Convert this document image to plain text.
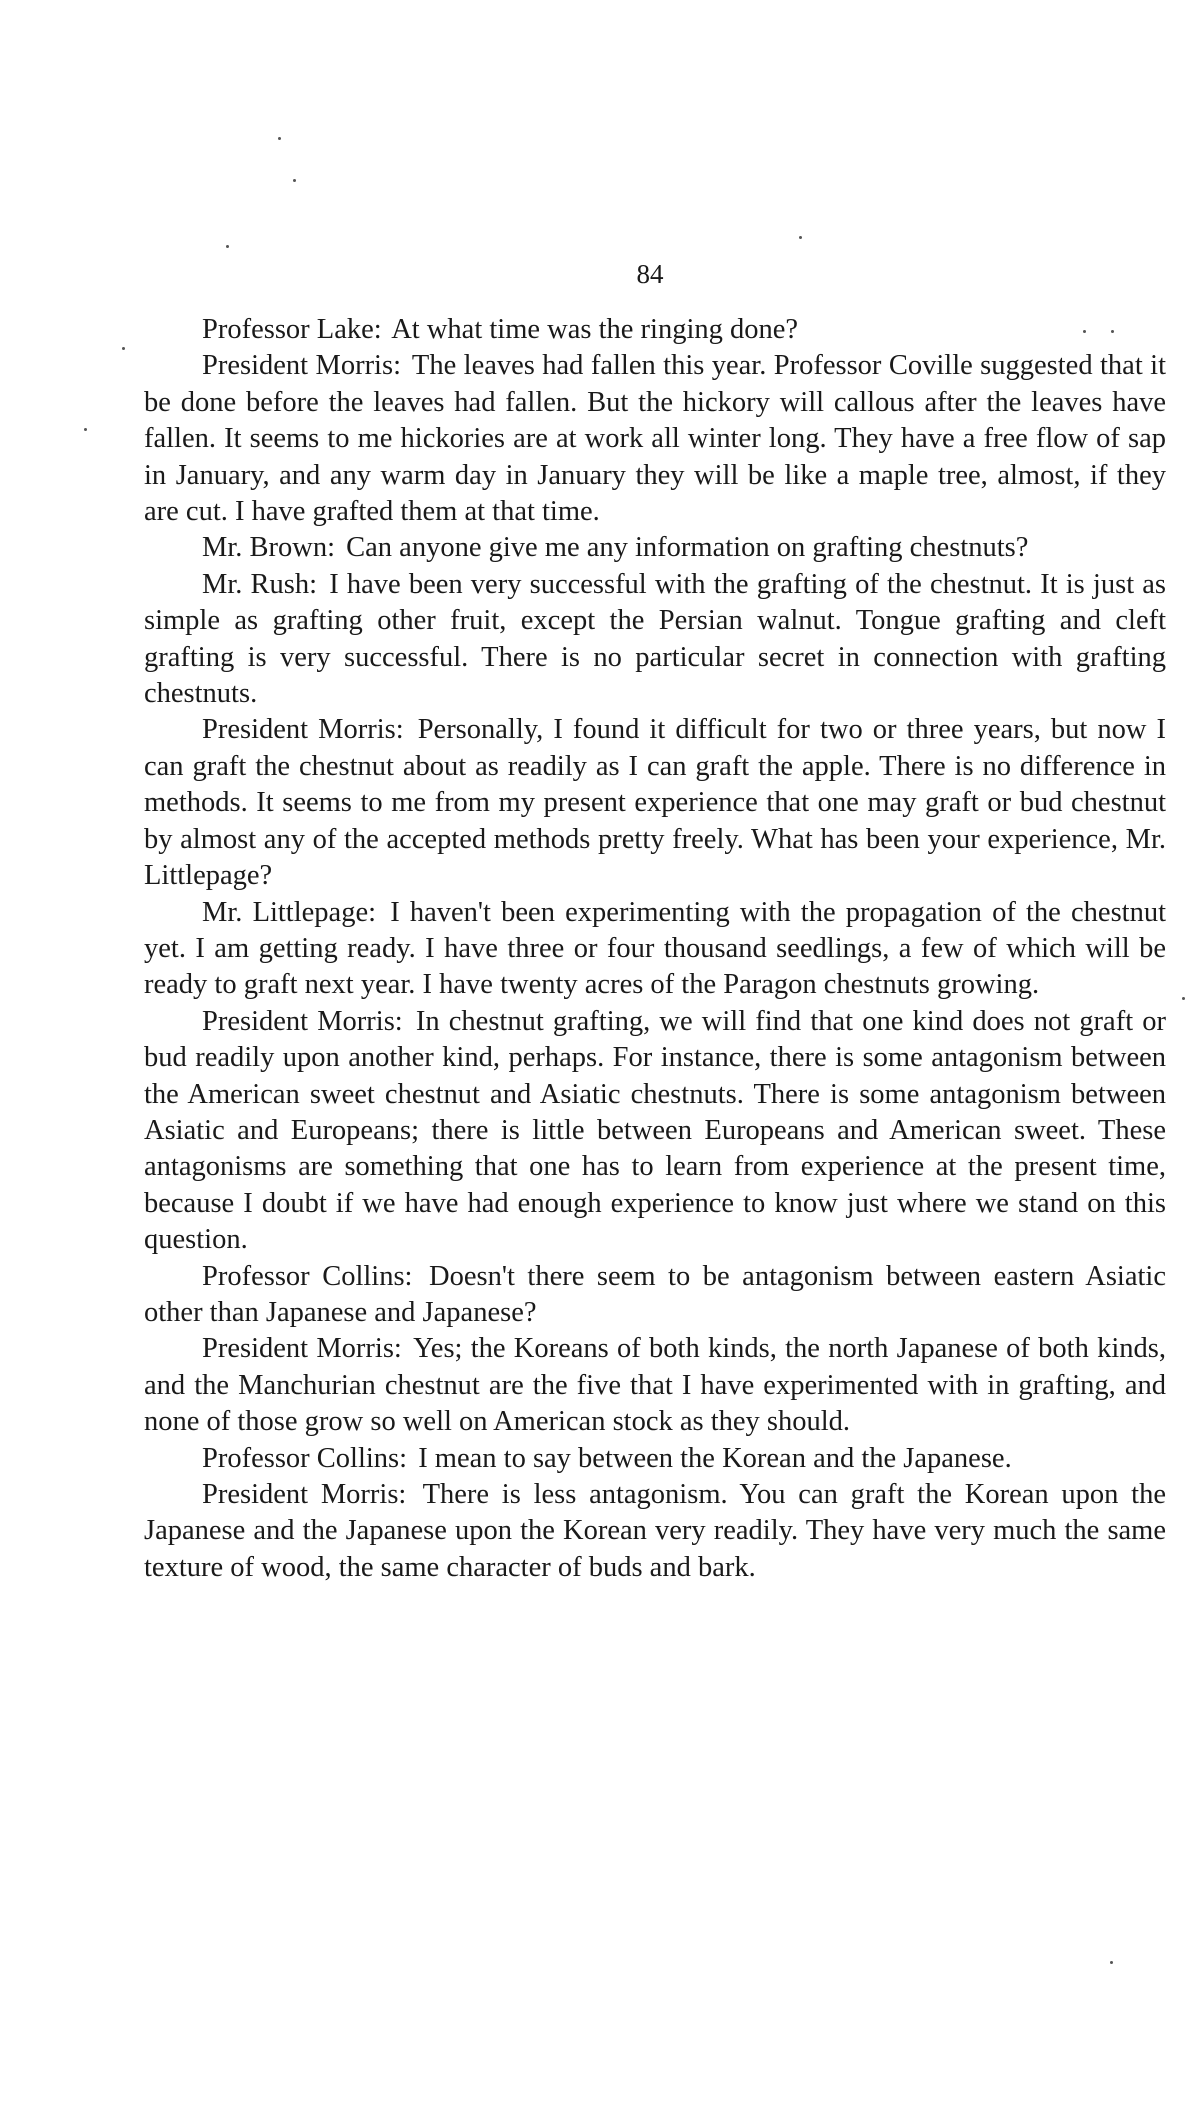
84

Professor Lake: At what time was the ringing done?

President Morris: The leaves had fallen this year. Professor Coville suggested that it be done before the leaves had fallen. But the hickory will callous after the leaves have fallen. It seems to me hickories are at work all winter long. They have a free flow of sap in January, and any warm day in January they will be like a maple tree, almost, if they are cut. I have grafted them at that time.

Mr. Brown: Can anyone give me any information on grafting chestnuts?

Mr. Rush: I have been very successful with the grafting of the chestnut. It is just as simple as grafting other fruit, except the Persian walnut. Tongue grafting and cleft grafting is very successful. There is no particular secret in connection with grafting chestnuts.

President Morris: Personally, I found it difficult for two or three years, but now I can graft the chestnut about as readily as I can graft the apple. There is no difference in methods. It seems to me from my present experience that one may graft or bud chestnut by almost any of the accepted methods pretty freely. What has been your experience, Mr. Littlepage?

Mr. Littlepage: I haven't been experimenting with the propagation of the chestnut yet. I am getting ready. I have three or four thousand seedlings, a few of which will be ready to graft next year. I have twenty acres of the Paragon chestnuts growing.

President Morris: In chestnut grafting, we will find that one kind does not graft or bud readily upon another kind, perhaps. For instance, there is some antagonism between the American sweet chestnut and Asiatic chestnuts. There is some antagonism between Asiatic and Europeans; there is little between Europeans and American sweet. These antagonisms are something that one has to learn from experience at the present time, because I doubt if we have had enough experience to know just where we stand on this question.

Professor Collins: Doesn't there seem to be antagonism between eastern Asiatic other than Japanese and Japanese?

President Morris: Yes; the Koreans of both kinds, the north Japanese of both kinds, and the Manchurian chestnut are the five that I have experimented with in grafting, and none of those grow so well on American stock as they should.

Professor Collins: I mean to say between the Korean and the Japanese.

President Morris: There is less antagonism. You can graft the Korean upon the Japanese and the Japanese upon the Korean very readily. They have very much the same texture of wood, the same character of buds and bark.
